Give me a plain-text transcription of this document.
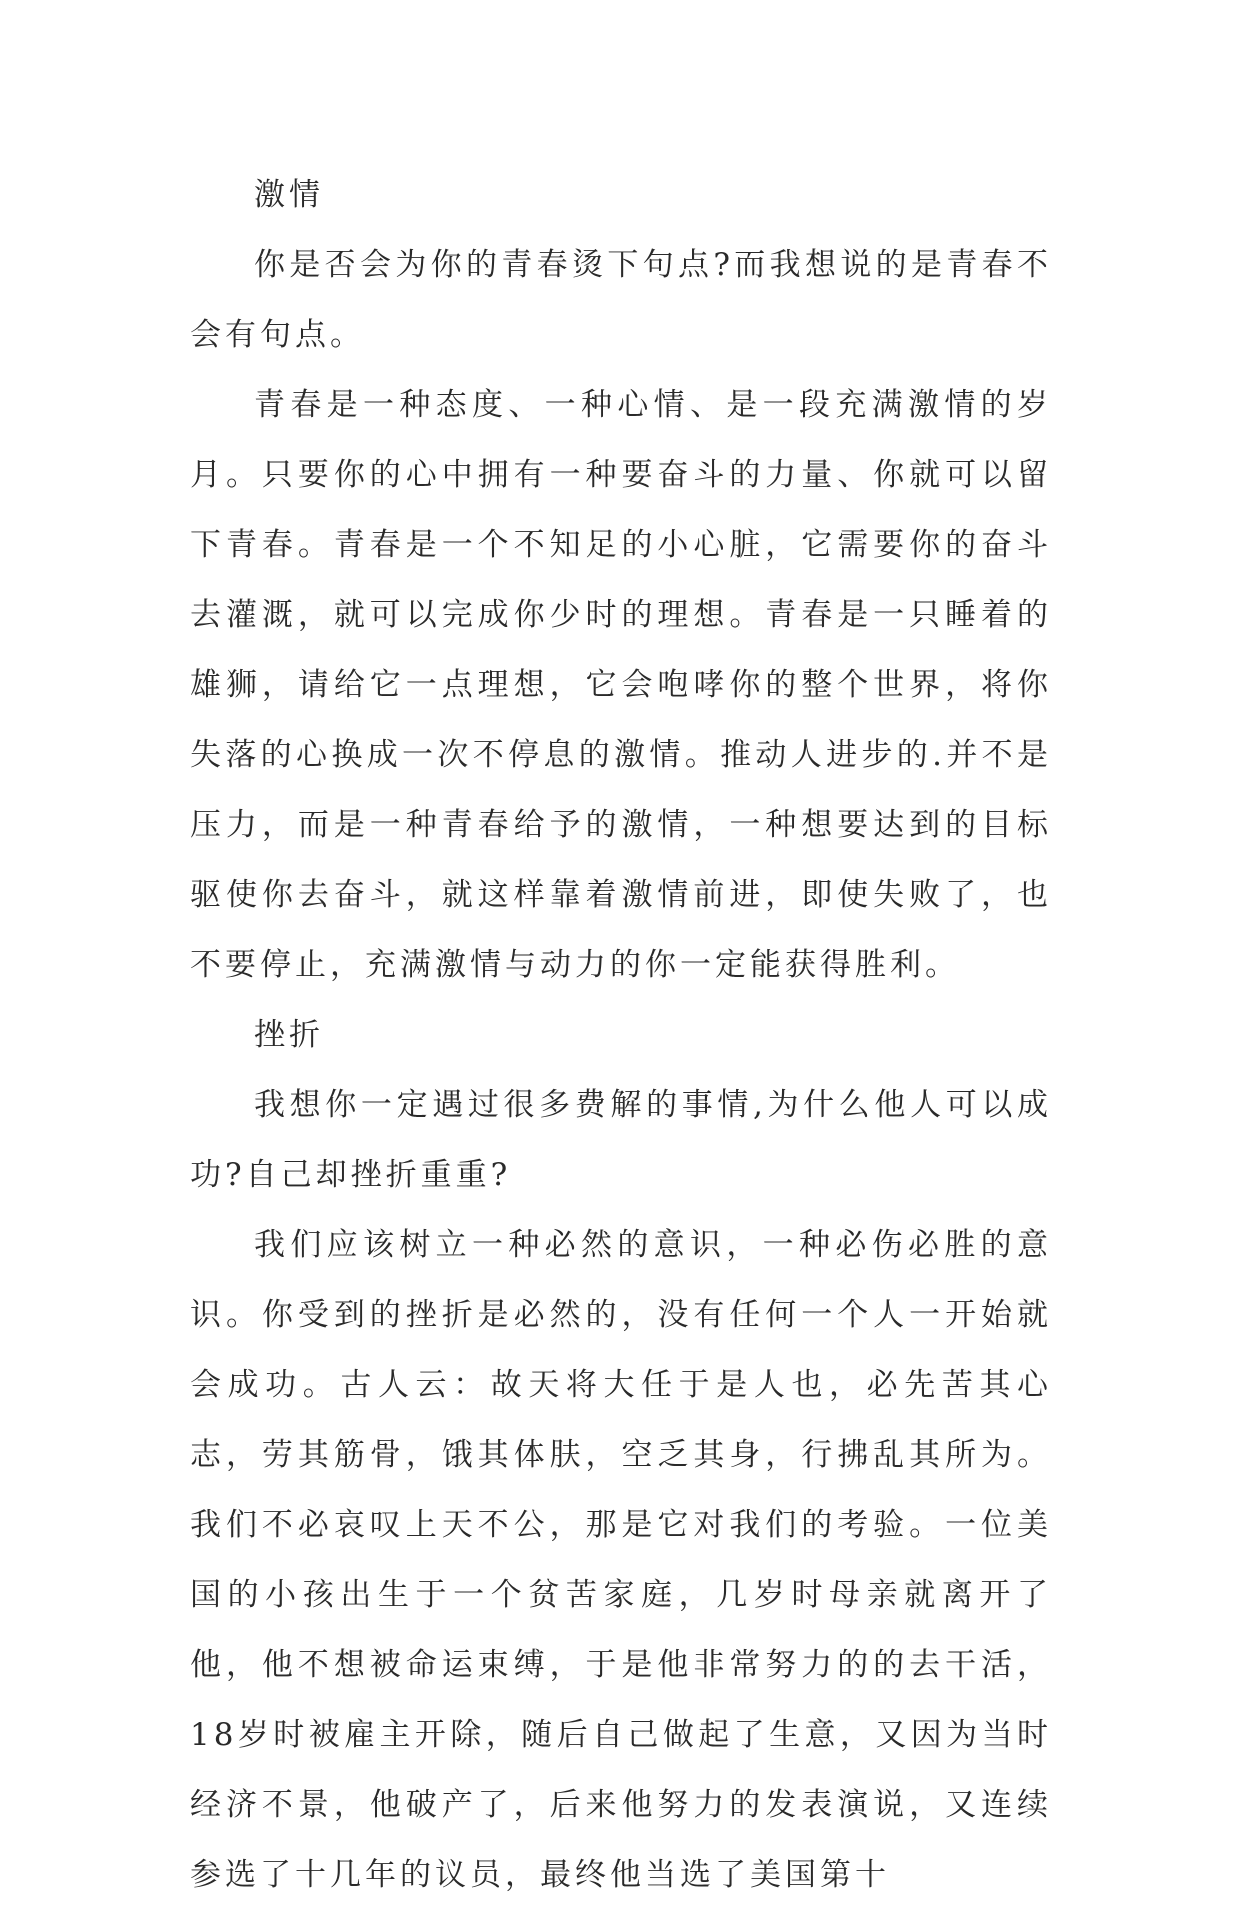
激情

你是否会为你的青春烫下句点?而我想说的是青春不会有句点。

青春是一种态度、一种心情、是一段充满激情的岁月。只要你的心中拥有一种要奋斗的力量、你就可以留下青春。青春是一个不知足的小心脏，它需要你的奋斗去灌溉，就可以完成你少时的理想。青春是一只睡着的雄狮，请给它一点理想，它会咆哮你的整个世界，将你失落的心换成一次不停息的激情。推动人进步的.并不是压力，而是一种青春给予的激情，一种想要达到的目标驱使你去奋斗，就这样靠着激情前进，即使失败了，也不要停止，充满激情与动力的你一定能获得胜利。

挫折

我想你一定遇过很多费解的事情,为什么他人可以成功?自己却挫折重重?

我们应该树立一种必然的意识，一种必伤必胜的意识。你受到的挫折是必然的，没有任何一个人一开始就会成功。古人云：故天将大任于是人也，必先苦其心志，劳其筋骨，饿其体肤，空乏其身，行拂乱其所为。我们不必哀叹上天不公，那是它对我们的考验。一位美国的小孩出生于一个贫苦家庭，几岁时母亲就离开了他，他不想被命运束缚，于是他非常努力的的去干活，18岁时被雇主开除，随后自己做起了生意，又因为当时经济不景，他破产了，后来他努力的发表演说，又连续参选了十几年的议员，最终他当选了美国第十
